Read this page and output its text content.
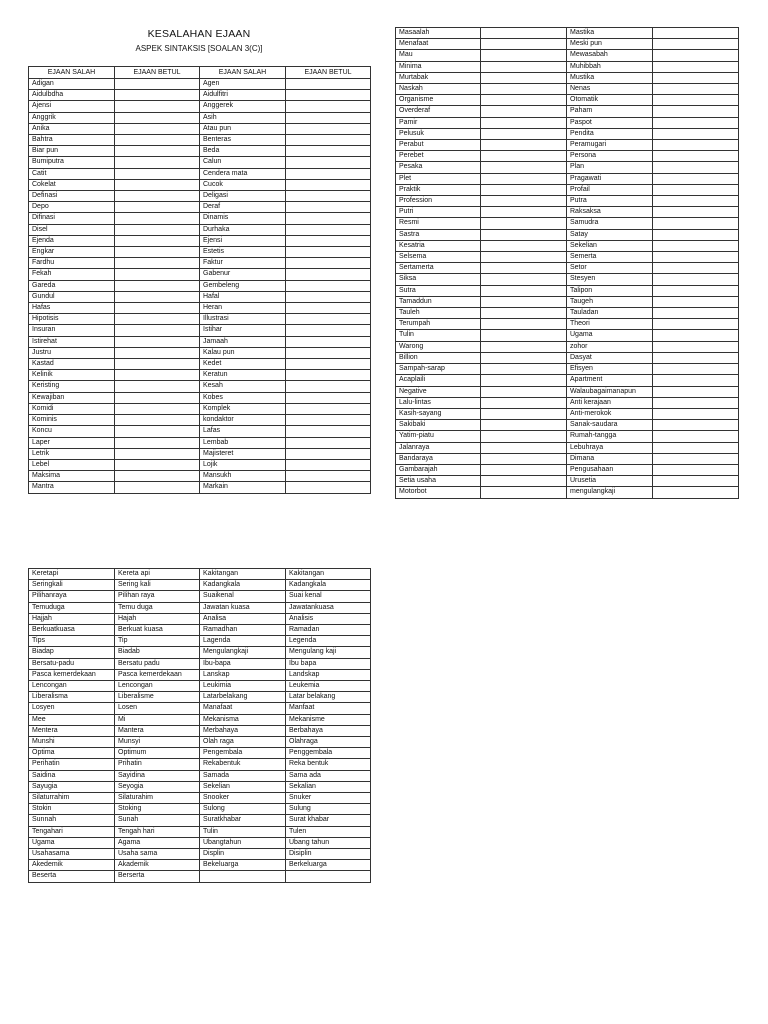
KESALAHAN EJAAN
ASPEK SINTAKSIS [SOALAN 3(C)]
EJAAN SALAH	EJAAN BETUL	EJAAN SALAH	EJAAN BETUL
Adigan		Agen	
Aidulbdha		Aidulfitri	
Ajensi		Anggerek	
Anggrik		Asih	
Anika		Atau pun	
Bahtra		Benteras	
Biar pun		Beda	
Bumiputra		Calun	
Catit		Cendera mata	
Cokelat		Cucok	
Definasi		Deligasi	
Depo		Deraf	
Difinasi		Dinamis	
Disel		Durhaka	
Ejenda		Ejensi	
Engkar		Estetis	
Fardhu		Faktur	
Fekah		Gabenur	
Gareda		Gembeleng	
Gundul		Hafal	
Hafas		Heran	
Hipotisis		Illustrasi	
Insuran		Istihar	
Istirehat		Jamaah	
Justru		Kalau pun	
Kastad		Kedet	
Kelinik		Keratun	
Keristing		Kesah	
Kewajiban		Kobes	
Komidi		Komplek	
Kominis		kondaktor	
Koncu		Lafas	
Laper		Lembab	
Letrik		Majisteret	
Lebel		Lojik	
Maksima		Mansukh	
Mantra		Markain	
Masaalah		Mastika	
Menafaat		Meski pun	
Mau		Mewasabah	
Minima		Muhibbah	
Murtabak		Mustika	
Naskah		Nenas	
Organisme		Otomatik	
Overderaf		Paham	
Pamir		Paspot	
Pelusuk		Pendita	
Perabut		Peramugari	
Perebet		Persona	
Pesaka		Plan	
Plet		Pragawati	
Praktik		Profail	
Profession		Putra	
Putri		Raksaksa	
Resmi		Samudra	
Sastra		Satay	
Kesatria		Sekelian	
Selsema		Semerta	
Sertamerta		Setor	
Siksa		Stesyen	
Sutra		Talipon	
Tamaddun		Taugeh	
Tauleh		Tauladan	
Terumpah		Theori	
Tulin		Ugama	
Warong		zohor	
Billion		Dasyat	
Sampah-sarap		Efisyen	
Acaplaili		Apartment	
Negative		Walaubagaimanapun	
Lalu-lintas		Anti kerajaan	
Kasih-sayang		Anti-merokok	
Sakibaki		Sanak-saudara	
Yatim-piatu		Rumah-tangga	
Jalanraya		Lebuhraya	
Bandaraya		Dimana	
Gambarajah		Pengusahaan	
Setia usaha		Urusetia	
Motorbot		mengulangkaji	
Keretapi	Kereta api	Kakitangan	Kakitangan
Seringkali	Sering kali	Kadangkala	Kadangkala
Pilihanraya	Pilihan raya	Suaikenal	Suai kenal
Temuduga	Temu duga	Jawatan kuasa	Jawatankuasa
Hajjah	Hajah	Analisa	Analisis
Berkuatkuasa	Berkuat kuasa	Ramadhan	Ramadan
Tips	Tip	Lagenda	Legenda
Biadap	Biadab	Mengulangkaji	Mengulang kaji
Bersatu-padu	Bersatu padu	Ibu-bapa	Ibu bapa
Pasca kemerdekaan	Pasca kemerdekaan	Lanskap	Landskap
Lencongan	Lencongan	Leukimia	Leukemia
Liberalisma	Liberalisme	Latarbelakang	Latar belakang
Losyen	Losen	Manafaat	Manfaat
Mee	Mi	Mekanisma	Mekanisme
Mentera	Mantera	Merbahaya	Berbahaya
Munshi	Munsyi	Olah raga	Olahraga
Optima	Optimum	Pengembala	Penggembala
Perihatin	Prihatin	Rekabentuk	Reka bentuk
Saidina	Sayidina	Samada	Sama ada
Sayugia	Seyogia	Sekelian	Sekalian
Silaturrahim	Silaturahim	Snooker	Snuker
Stokin	Stoking	Sulong	Sulung
Sunnah	Sunah	Suratkhabar	Surat khabar
Tengahari	Tengah hari	Tulin	Tulen
Ugama	Agama	Ubangtahun	Ubang tahun
Usahasama	Usaha sama	Displin	Disiplin
Akedemik	Akademik	Bekeluarga	Berkeluarga
Beserta	Berserta		
